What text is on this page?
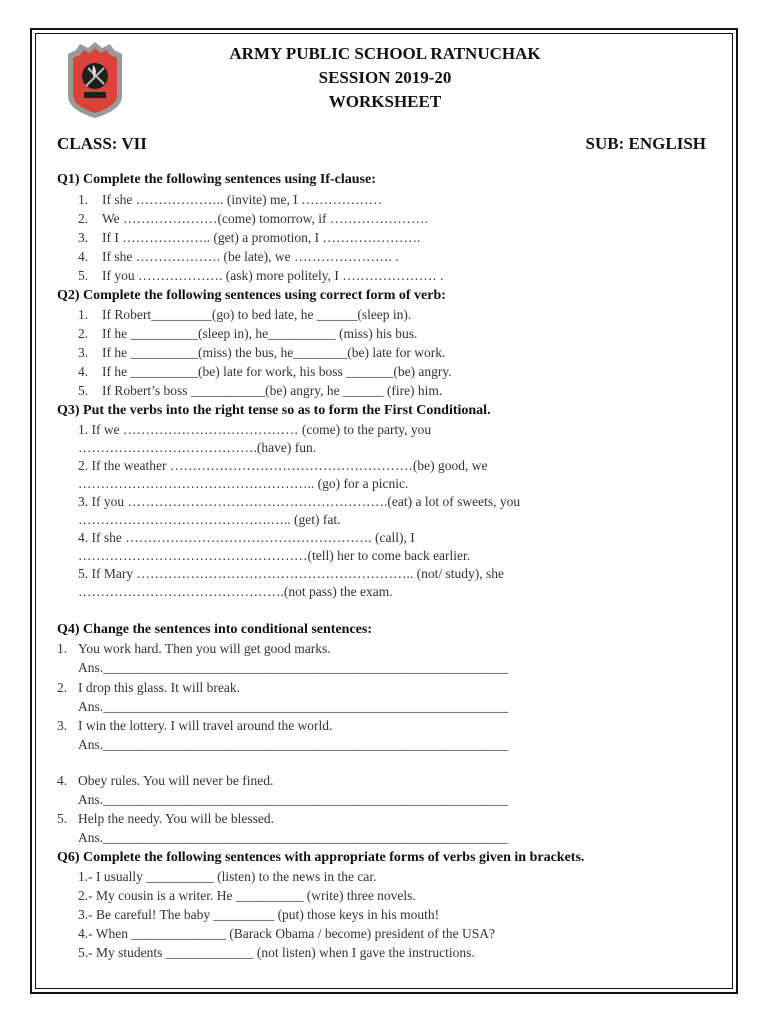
ARMY PUBLIC SCHOOL RATNUCHAK
SESSION 2019-20
WORKSHEET
CLASS: VII	SUB: ENGLISH
Q1) Complete the following sentences using If-clause:
1. If she ……………….. (invite) me, I ………………
2. We …………………(come) tomorrow, if ………………….
3. If I ……………….. (get) a promotion, I ………………….
4. If she ………………. (be late), we …………………. .
5. If you ………………. (ask) more politely, I ………………… .
Q2) Complete the following sentences using correct form of verb:
1. If Robert_________(go) to bed late, he ______(sleep in).
2. If he __________(sleep in), he__________ (miss) his bus.
3. If he __________(miss) the bus, he________(be) late for work.
4. If he __________(be) late for work, his boss _______(be) angry.
5. If Robert’s boss ___________(be) angry, he ______ (fire) him.
Q3) Put the verbs into the right tense so as to form the First Conditional.
1. If we ………………………………… (come) to the party, you
………………………………….(have) fun.
2. If the weather ………………………………………………(be) good, we
…………………………………………….. (go) for a picnic.
3. If you ………………………………………………….(eat) a lot of sweets, you
…………………………………….….. (get) fat.
4. If she ………………………………………………. (call), I
……………………………………………(tell) her to come back earlier.
5. If Mary …………………………………………………….. (not/ study), she
……………………………………….(not pass) the exam.
Q4) Change the sentences into conditional sentences:
1. You work hard. Then you will get good marks.
Ans.____________________________________________________________
2. I drop this glass. It will break.
Ans.____________________________________________________________
3. I win the lottery. I will travel around the world.
Ans.____________________________________________________________
4. Obey rules. You will never be fined.
Ans.____________________________________________________________
5. Help the needy. You will be blessed.
Ans.____________________________________________________________
Q6) Complete the following sentences with appropriate forms of verbs given in brackets.
1.- I usually __________ (listen) to the news in the car.
2.- My cousin is a writer. He __________ (write) three novels.
3.- Be careful! The baby _________ (put) those keys in his mouth!
4.- When ______________ (Barack Obama / become) president of the USA?
5.- My students _____________ (not listen) when I gave the instructions.
